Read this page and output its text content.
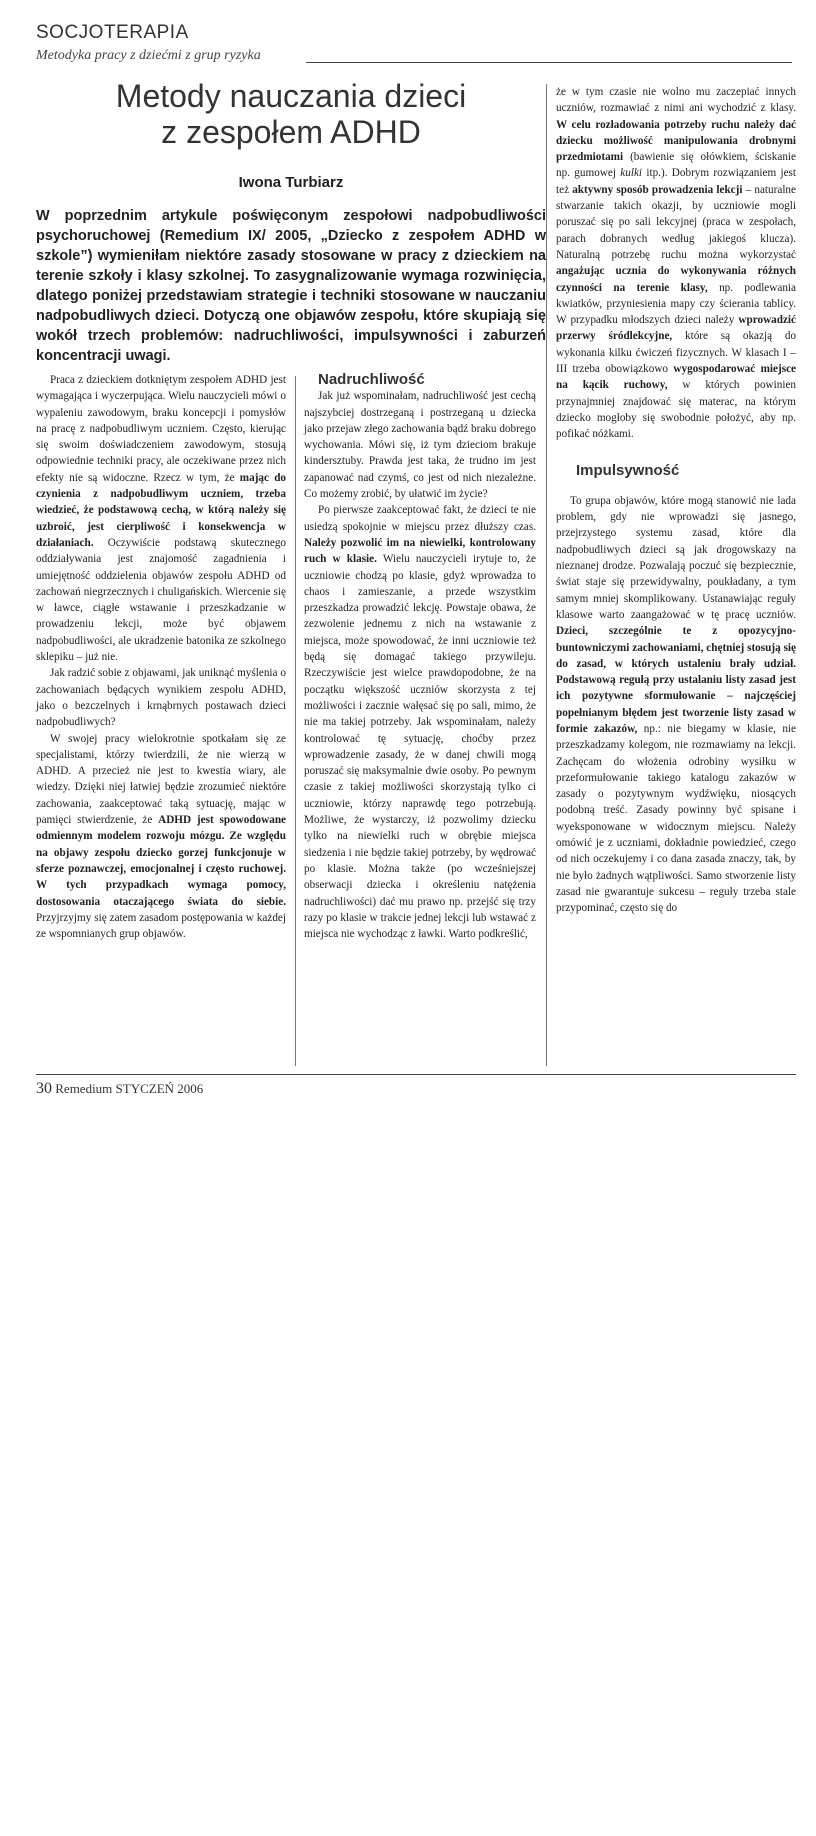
SOCJOTERAPIA
Metodyka pracy z dziećmi z grup ryzyka
Metody nauczania dzieci
z zespołem ADHD
Iwona Turbiarz
W poprzednim artykule poświęconym zespołowi nadpobudliwości psychoruchowej (Remedium IX/ 2005, „Dziecko z zespołem ADHD w szkole”) wymieniłam niektóre zasady stosowane w pracy z dzieckiem na terenie szkoły i klasy szkolnej. To zasygnalizowanie wymaga rozwinięcia, dlatego poniżej przedstawiam strategie i techniki stosowane w nauczaniu nadpobudliwych dzieci. Dotyczą one objawów zespołu, które skupiają się wokół trzech problemów: nadruchliwości, impulsywności i zaburzeń koncentracji uwagi.

Praca z dzieckiem dotkniętym zespołem ADHD jest wymagająca i wyczerpująca. Wielu nauczycieli mówi o wypaleniu zawodowym, braku koncepcji i pomysłów na pracę z nadpobudliwym uczniem. Często, kierując się swoim doświadczeniem zawodowym, stosują odpowiednie techniki pracy, ale oczekiwane przez nich efekty nie są widoczne. Rzecz w tym, że mając do czynienia z nadpobudliwym uczniem, trzeba wiedzieć, że podstawową cechą, w którą należy się uzbroić, jest cierpliwość i konsekwencja w działaniach. Oczywiście podstawą skutecznego oddziaływania jest znajomość zagadnienia i umiejętność oddzielenia objawów zespołu ADHD od zachowań niegrzecznych i chuligańskich. Wiercenie się w ławce, ciągłe wstawanie i przeszkadzanie w prowadzeniu lekcji, może być objawem nadpobudliwości, ale ukradzenie batonika ze szkolnego sklepiku – już nie.

Jak radzić sobie z objawami, jak uniknąć myślenia o zachowaniach będących wynikiem zespołu ADHD, jako o bezczelnych i krnąbrnych postawach dzieci nadpobudliwych?

W swojej pracy wielokrotnie spotkałam się ze specjalistami, którzy twierdzili, że nie wierzą w ADHD. A przecież nie jest to kwestia wiary, ale wiedzy. Dzięki niej łatwiej będzie zrozumieć niektóre zachowania, zaakceptować taką sytuację, mając w pamięci stwierdzenie, że ADHD jest spowodowane odmiennym modelem rozwoju mózgu. Ze względu na objawy zespołu dziecko gorzej funkcjonuje w sferze poznawczej, emocjonalnej i często ruchowej. W tych przypadkach wymaga pomocy, dostosowania otaczającego świata do siebie. Przyjrzyjmy się zatem zasadom postępowania w każdej ze wspomnianych grup objawów.

Nadruchliwość

Jak już wspominałam, nadruchliwość jest cechą najszybciej dostrzeganą i postrzeganą u dziecka jako przejaw złego zachowania bądź braku dobrego wychowania. Mówi się, iż tym dzieciom brakuje kindersztuby. Prawda jest taka, że trudno im jest zapanować nad czymś, co jest od nich niezależne. Co możemy zrobić, by ułatwić im życie?

Po pierwsze zaakceptować fakt, że dzieci te nie usiedzą spokojnie w miejscu przez dłuższy czas. Należy pozwolić im na niewielki, kontrolowany ruch w klasie. Wielu nauczycieli irytuje to, że uczniowie chodzą po klasie, gdyż wprowadza to chaos i zamieszanie, a przede wszystkim przeszkadza prowadzić lekcję. Powstaje obawa, że zezwolenie jednemu z nich na wstawanie z miejsca, może spowodować, że inni uczniowie też będą się domagać takiego przywileju. Rzeczywiście jest wielce prawdopodobne, że na początku większość uczniów skorzysta z tej możliwości i zacznie wałęsać się po sali, mimo, że nie ma takiej potrzeby. Jak wspominałam, należy kontrolować tę sytuację, choćby przez wprowadzenie zasady, że w danej chwili mogą poruszać się maksymalnie dwie osoby. Po pewnym czasie z takiej możliwości skorzystają tylko ci uczniowie, którzy naprawdę tego potrzebują. Możliwe, że wystarczy, iż pozwolimy dziecku tylko na niewielki ruch w obrębie miejsca siedzenia i nie będzie takiej potrzeby, by wędrować po klasie. Można także (po wcześniejszej obserwacji dziecka i określeniu natężenia nadruchliwości) dać mu prawo np. przejść się trzy razy po klasie w trakcie jednej lekcji lub wstawać z miejsca nie wychodząc z ławki. Warto podkreślić,

że w tym czasie nie wolno mu zaczepiać innych uczniów, rozmawiać z nimi ani wychodzić z klasy. W celu rozładowania potrzeby ruchu należy dać dziecku możliwość manipulowania drobnymi przedmiotami (bawienie się ołówkiem, ściskanie np. gumowej kulki itp.). Dobrym rozwiązaniem jest też aktywny sposób prowadzenia lekcji – naturalne stwarzanie takich okazji, by uczniowie mogli poruszać się po sali lekcyjnej (praca w zespołach, parach dobranych według jakiegoś klucza). Naturalną potrzebę ruchu można wykorzystać angażując ucznia do wykonywania różnych czynności na terenie klasy, np. podlewania kwiatków, przyniesienia mapy czy ścierania tablicy. W przypadku młodszych dzieci należy wprowadzić przerwy śródlekcyjne, które są okazją do wykonania kilku ćwiczeń fizycznych. W klasach I – III trzeba obowiązkowo wygospodarować miejsce na kącik ruchowy, w których powinien przynajmniej znajdować się materac, na którym dziecko mogłoby się swobodnie położyć, aby np. pofikać nóżkami.

Impulsywność

To grupa objawów, które mogą stanowić nie lada problem, gdy nie wprowadzi się jasnego, przejrzystego systemu zasad, które dla nadpobudliwych dzieci są jak drogowskazy na nieznanej drodze. Pozwalają poczuć się bezpiecznie, świat staje się przewidywalny, poukładany, a tym samym mniej skomplikowany. Ustanawiając reguły klasowe warto zaangażować w tę pracę uczniów. Dzieci, szczególnie te z opozycyjno-buntowniczymi zachowaniami, chętniej stosują się do zasad, w których ustaleniu brały udział. Podstawową regułą przy ustalaniu listy zasad jest ich pozytywne sformułowanie – najczęściej popełnianym błędem jest tworzenie listy zasad w formie zakazów, np.: nie biegamy w klasie, nie przeszkadzamy kolegom, nie rozmawiamy na lekcji. Zachęcam do włożenia odrobiny wysiłku w przeformułowanie takiego katalogu zakazów w zasady o pozytywnym wydźwięku, niosących podobną treść. Zasady powinny być spisane i wyeksponowane w widocznym miejscu. Należy omówić je z uczniami, dokładnie powiedzieć, czego od nich oczekujemy i co dana zasada znaczy, tak, by nie było żadnych wątpliwości. Samo stworzenie listy zasad nie gwarantuje sukcesu – reguły trzeba stale przypominać, często się do

30 Remedium STYCZEŃ 2006
